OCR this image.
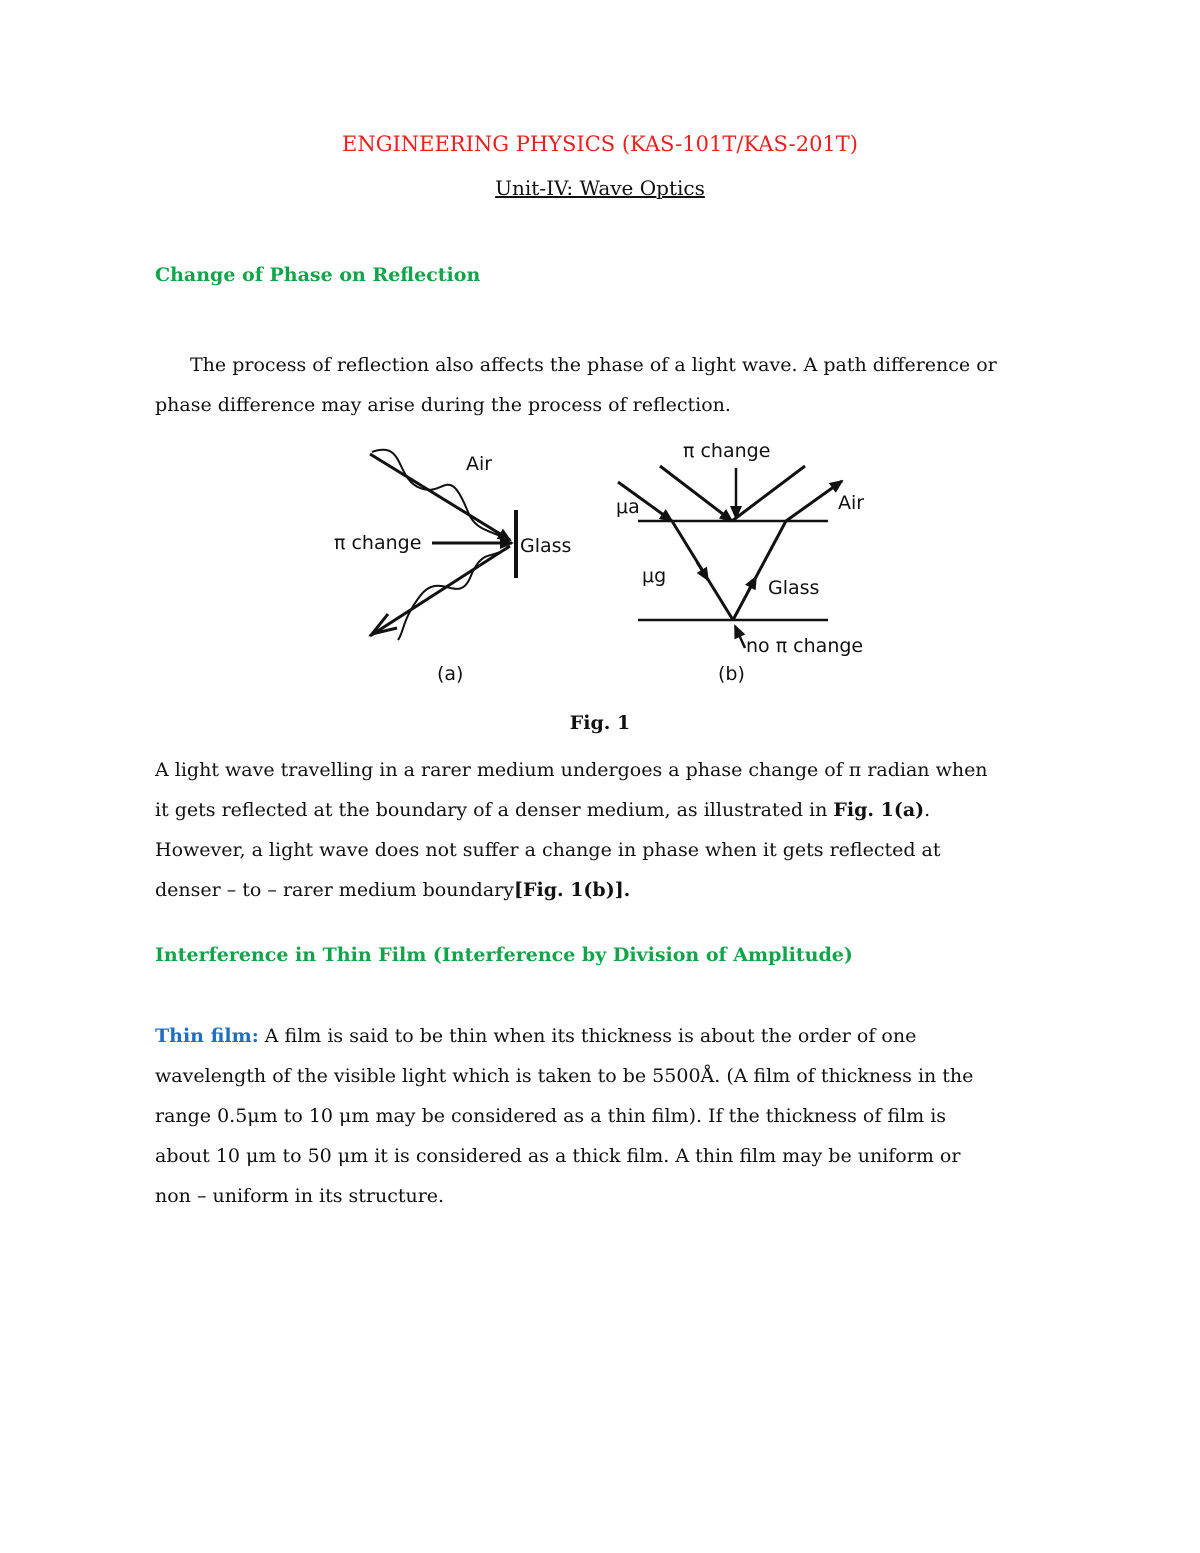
ENGINEERING PHYSICS (KAS-101T/KAS-201T)
Unit-IV: Wave Optics
Change of Phase on Reflection
The process of reflection also affects the phase of a light wave. A path difference or
phase difference may arise during the process of reflection.
Air
π change	Glass
(a)
π change
μa	Air
μg
Glass
no π change
(b)
Fig. 1
A light wave travelling in a rarer medium undergoes a phase change of π radian when
it gets reflected at the boundary of a denser medium, as illustrated in Fig. 1(a).
However, a light wave does not suffer a change in phase when it gets reflected at
denser – to – rarer medium boundary[Fig. 1(b)].
Interference in Thin Film (Interference by Division of Amplitude)
Thin film: A film is said to be thin when its thickness is about the order of one
wavelength of the visible light which is taken to be 5500Å. (A film of thickness in the
range 0.5μm to 10 μm may be considered as a thin film). If the thickness of film is
about 10 μm to 50 μm it is considered as a thick film. A thin film may be uniform or
non – uniform in its structure.
